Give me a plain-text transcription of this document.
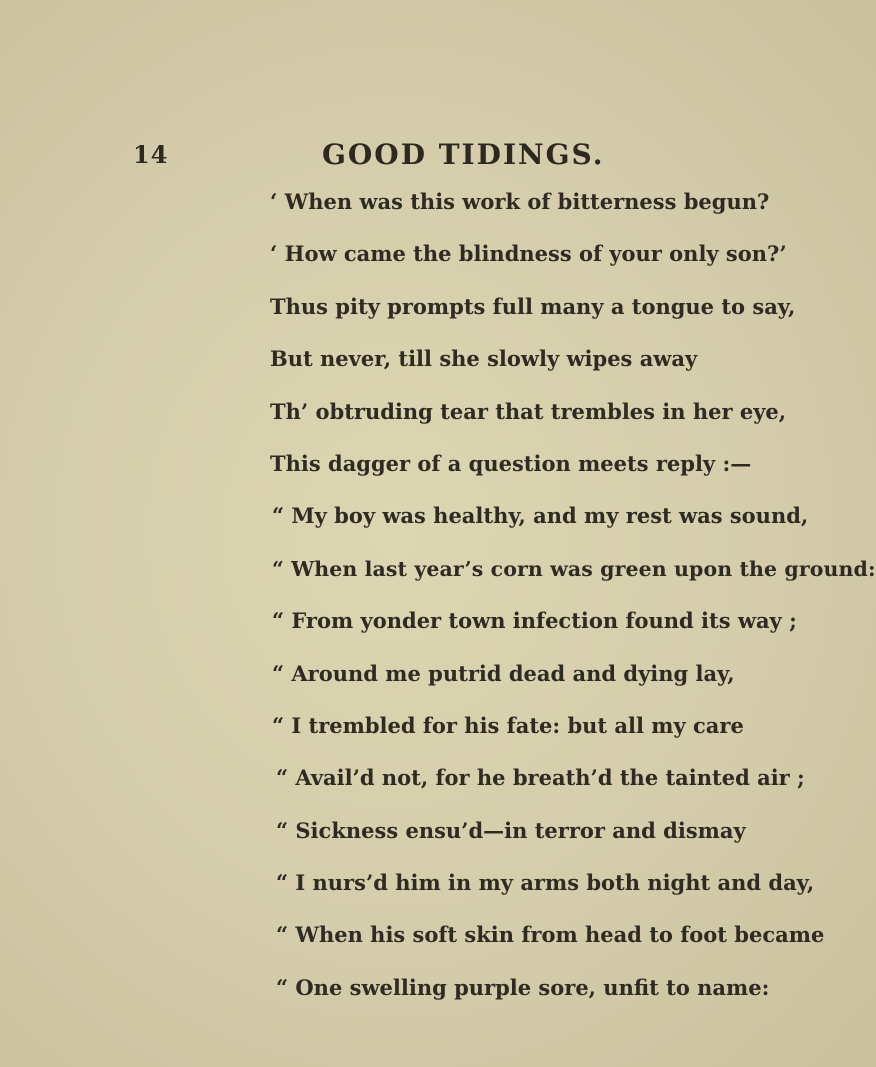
14	GOOD TIDINGS.
‘ When was this work of bitterness begun?
‘ How came the blindness of your only son?’
Thus pity prompts full many a tongue to say,
But never, till she slowly wipes away
Th’ obtruding tear that trembles in her eye,
This dagger of a question meets reply :—
“ My boy was healthy, and my rest was sound,
“ When last year’s corn was green upon the ground:
“ From yonder town infection found its way ;
“ Around me putrid dead and dying lay,
“ I trembled for his fate: but all my care
“ Avail’d not, for he breath’d the tainted air ;
“ Sickness ensu’d—in terror and dismay
“ I nurs’d him in my arms both night and day,
“ When his soft skin from head to foot became
“ One swelling purple sore, unfit to name:
